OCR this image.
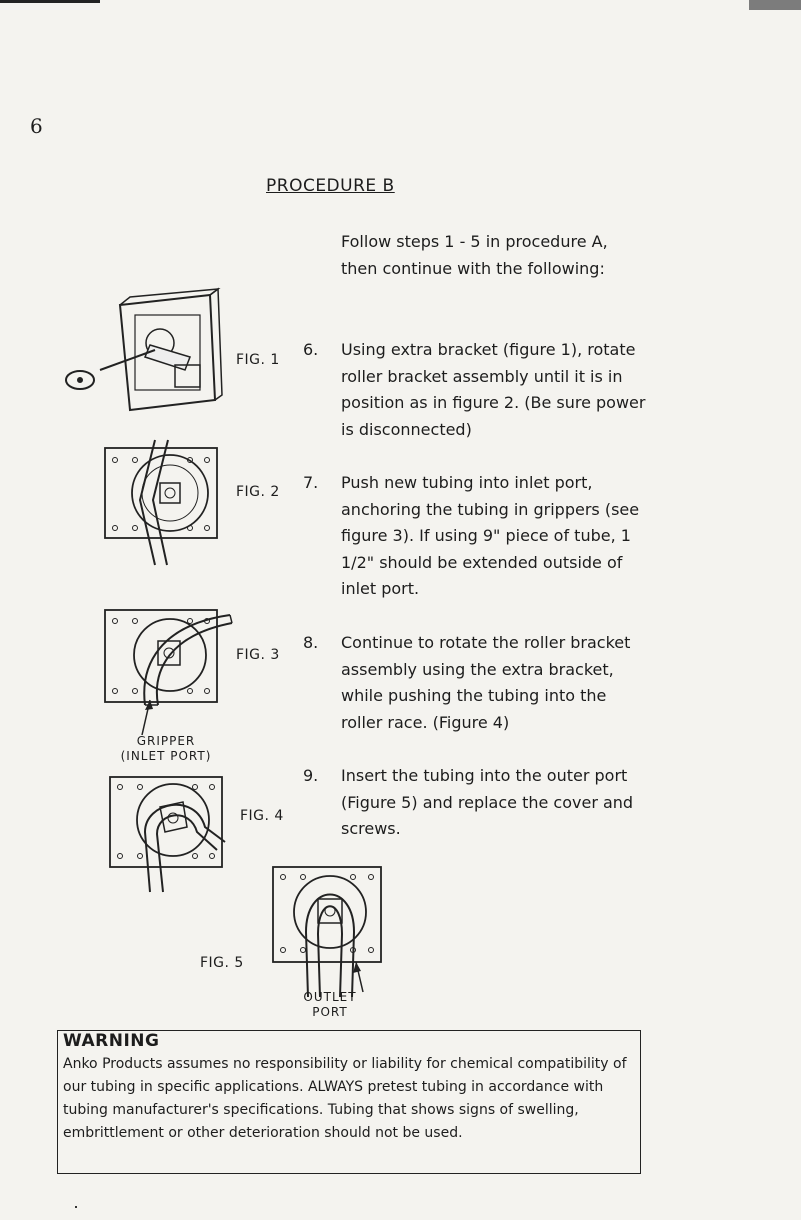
6
PROCEDURE B
Follow steps 1 - 5 in procedure A, then continue with the following:
6. Using extra bracket (figure 1), rotate roller bracket assembly until it is in position as in figure 2. (Be sure power is disconnected)
7. Push new tubing into inlet port, anchoring the tubing in grippers (see figure 3). If using 9" piece of tube, 1 1/2" should be extended outside of inlet port.
8. Continue to rotate the roller bracket assembly using the extra bracket, while pushing the tubing into the roller race. (Figure 4)
9. Insert the tubing into the outer port (Figure 5) and replace the cover and screws.
FIG. 1
FIG. 2
FIG. 3
GRIPPER
(INLET PORT)
FIG. 4
FIG. 5
OUTLET
PORT
WARNING
Anko Products assumes no responsibility or liability for chemical compatibility of our tubing in specific applications. ALWAYS pretest tubing in accordance with tubing manufacturer's specifications. Tubing that shows signs of swelling, embrittlement or other deterioration should not be used.
